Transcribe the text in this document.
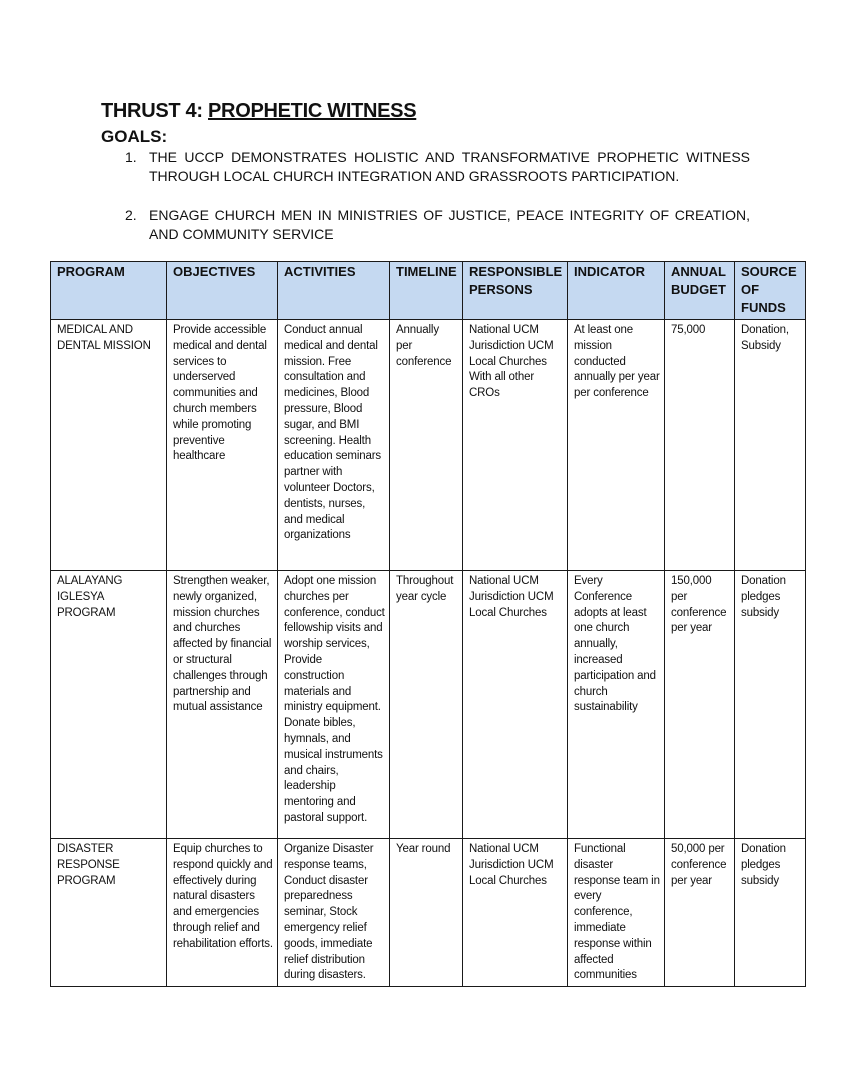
THRUST 4: PROPHETIC WITNESS
GOALS:
1. THE UCCP DEMONSTRATES HOLISTIC AND TRANSFORMATIVE PROPHETIC WITNESS THROUGH LOCAL CHURCH INTEGRATION AND GRASSROOTS PARTICIPATION.
2. ENGAGE CHURCH MEN IN MINISTRIES OF JUSTICE, PEACE INTEGRITY OF CREATION, AND COMMUNITY SERVICE
PROGRAM	OBJECTIVES	ACTIVITIES	TIMELINE	RESPONSIBLE PERSONS	INDICATOR	ANNUAL BUDGET	SOURCE OF FUNDS
MEDICAL AND DENTAL MISSION	Provide accessible medical and dental services to underserved communities and church members while promoting preventive healthcare	Conduct annual medical and dental mission. Free consultation and medicines, Blood pressure, Blood sugar, and BMI screening. Health education seminars partner with volunteer Doctors, dentists, nurses, and medical organizations	Annually per conference	National UCM Jurisdiction UCM Local Churches With all other CROs	At least one mission conducted annually per year per conference	75,000	Donation, Subsidy
ALALAYANG IGLESYA PROGRAM	Strengthen weaker, newly organized, mission churches and churches affected by financial or structural challenges through partnership and mutual assistance	Adopt one mission churches per conference, conduct fellowship visits and worship services, Provide construction materials and ministry equipment. Donate bibles, hymnals, and musical instruments and chairs, leadership mentoring and pastoral support.	Throughout year cycle	National UCM Jurisdiction UCM Local Churches	Every Conference adopts at least one church annually, increased participation and church sustainability	150,000 per conference per year	Donation pledges subsidy
DISASTER RESPONSE PROGRAM	Equip churches to respond quickly and effectively during natural disasters and emergencies through relief and rehabilitation efforts.	Organize Disaster response teams, Conduct disaster preparedness seminar, Stock emergency relief goods, immediate relief distribution during disasters.	Year round	National UCM Jurisdiction UCM Local Churches	Functional disaster response team in every conference, immediate response within affected communities	50,000 per conference per year	Donation pledges subsidy
